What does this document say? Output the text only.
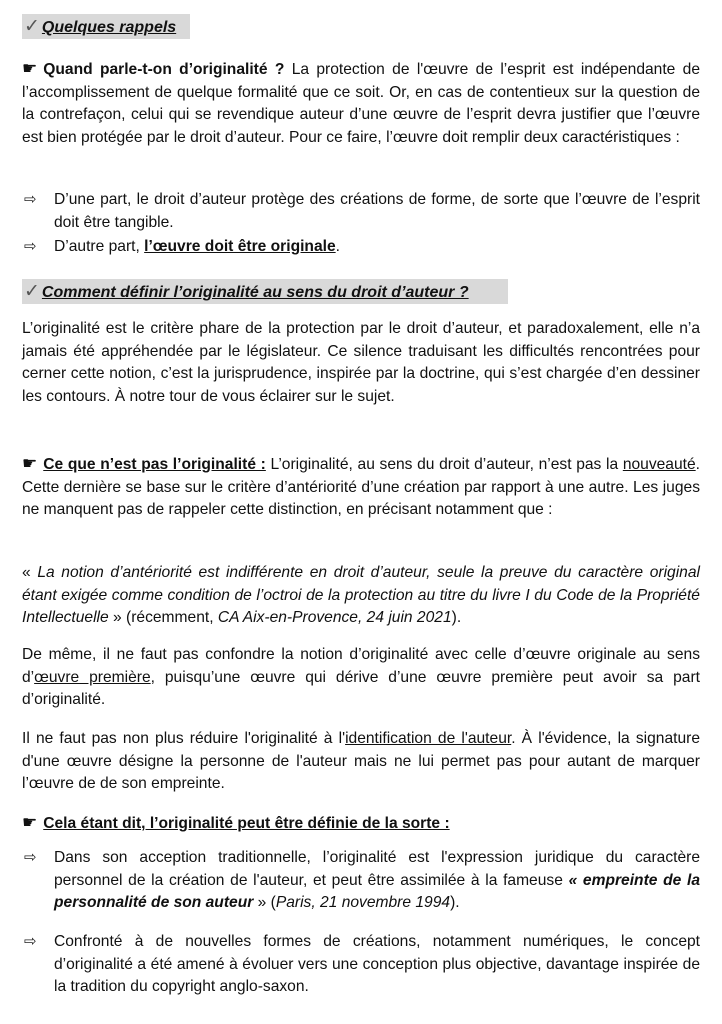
✓ Quelques rappels
☛ Quand parle-t-on d’originalité ? La protection de l'œuvre de l’esprit est indépendante de l’accomplissement de quelque formalité que ce soit. Or, en cas de contentieux sur la question de la contrefaçon, celui qui se revendique auteur d’une œuvre de l’esprit devra justifier que l’œuvre est bien protégée par le droit d’auteur. Pour ce faire, l’œuvre doit remplir deux caractéristiques :
⇨ D’une part, le droit d’auteur protège des créations de forme, de sorte que l’œuvre de l’esprit doit être tangible.
⇨ D’autre part, l’œuvre doit être originale.
✓ Comment définir l’originalité au sens du droit d’auteur ?
L’originalité est le critère phare de la protection par le droit d’auteur, et paradoxalement, elle n’a jamais été appréhendée par le législateur. Ce silence traduisant les difficultés rencontrées pour cerner cette notion, c’est la jurisprudence, inspirée par la doctrine, qui s’est chargée d’en dessiner les contours. À notre tour de vous éclairer sur le sujet.
☛ Ce que n’est pas l’originalité : L’originalité, au sens du droit d’auteur, n’est pas la nouveauté. Cette dernière se base sur le critère d’antériorité d’une création par rapport à une autre. Les juges ne manquent pas de rappeler cette distinction, en précisant notamment que :
« La notion d’antériorité est indifférente en droit d’auteur, seule la preuve du caractère original étant exigée comme condition de l’octroi de la protection au titre du livre I du Code de la Propriété Intellectuelle » (récemment, CA Aix-en-Provence, 24 juin 2021).
De même, il ne faut pas confondre la notion d’originalité avec celle d’œuvre originale au sens d’œuvre première, puisqu’une œuvre qui dérive d’une œuvre première peut avoir sa part d’originalité.
Il ne faut pas non plus réduire l'originalité à l'identification de l'auteur. À l'évidence, la signature d'une œuvre désigne la personne de l'auteur mais ne lui permet pas pour autant de marquer l’œuvre de de son empreinte.
☛ Cela étant dit, l’originalité peut être définie de la sorte :
⇨ Dans son acception traditionnelle, l’originalité est l'expression juridique du caractère personnel de la création de l'auteur, et peut être assimilée à la fameuse « empreinte de la personnalité de son auteur » (Paris, 21 novembre 1994).
⇨ Confronté à de nouvelles formes de créations, notamment numériques, le concept d’originalité a été amené à évoluer vers une conception plus objective, davantage inspirée de la tradition du copyright anglo-saxon.
